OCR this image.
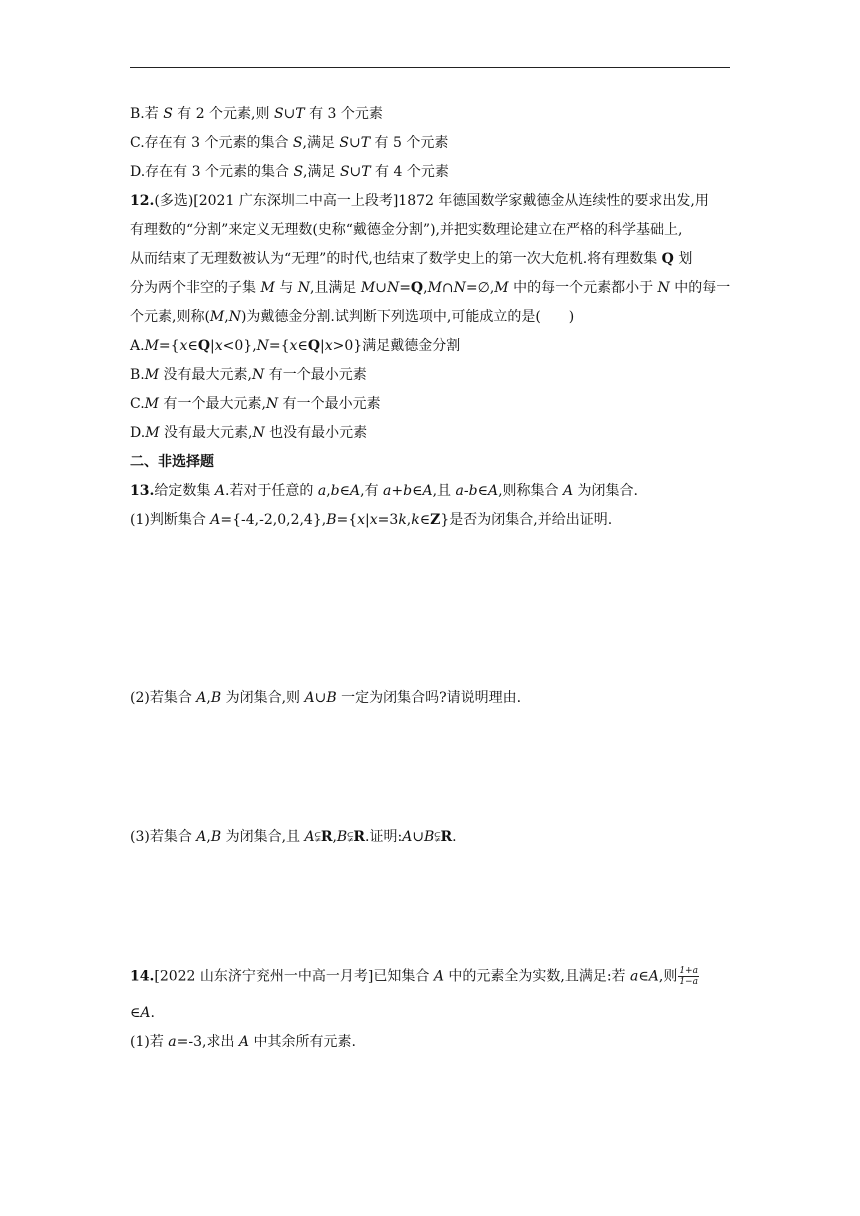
B.若 S 有 2 个元素,则 S∪T 有 3 个元素
C.存在有 3 个元素的集合 S,满足 S∪T 有 5 个元素
D.存在有 3 个元素的集合 S,满足 S∪T 有 4 个元素
12.(多选)[2021 广东深圳二中高一上段考]1872 年德国数学家戴德金从连续性的要求出发,用
有理数的“分割”来定义无理数(史称“戴德金分割”),并把实数理论建立在严格的科学基础上,
从而结束了无理数被认为“无理”的时代,也结束了数学史上的第一次大危机.将有理数集 Q 划
分为两个非空的子集 M 与 N,且满足 M∪N=Q,M∩N=∅,M 中的每一个元素都小于 N 中的每一
个元素,则称(M,N)为戴德金分割.试判断下列选项中,可能成立的是(　　)
A.M={x∈Q|x<0},N={x∈Q|x>0}满足戴德金分割
B.M 没有最大元素,N 有一个最小元素
C.M 有一个最大元素,N 有一个最小元素
D.M 没有最大元素,N 也没有最小元素
二、非选择题
13.给定数集 A.若对于任意的 a,b∈A,有 a+b∈A,且 a-b∈A,则称集合 A 为闭集合.
(1)判断集合 A={-4,-2,0,2,4},B={x|x=3k,k∈Z}是否为闭集合,并给出证明.
(2)若集合 A,B 为闭集合,则 A∪B 一定为闭集合吗?请说明理由.
(3)若集合 A,B 为闭集合,且 A⫋R,B⫋R.证明:A∪B⫋R.
14.[2022 山东济宁兖州一中高一月考]已知集合 A 中的元素全为实数,且满足:若 a∈A,则 $\frac{1+a}{1-a}$
∈A.
(1)若 a=-3,求出 A 中其余所有元素.
